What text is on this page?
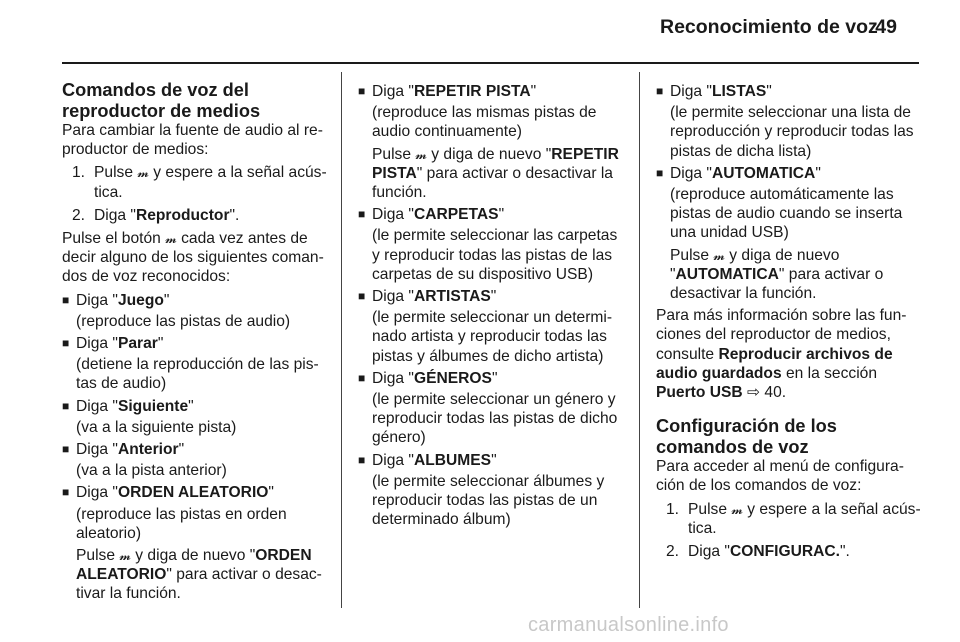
Reconocimiento de voz
49
Comandos de voz del
reproductor de medios

Para cambiar la fuente de audio al re-productor de medios:

1. Pulse 𝓶 y espere a la señal acús-tica.
2. Diga "Reproductor".

Pulse el botón 𝓶 cada vez antes de decir alguno de los siguientes coman-dos de voz reconocidos:

■ Diga "Juego"

(reproduce las pistas de audio)

■ Diga "Parar"

(detiene la reproducción de las pis-tas de audio)

■ Diga "Siguiente"

(va a la siguiente pista)

■ Diga "Anterior"

(va a la pista anterior)

■ Diga "ORDEN ALEATORIO"

(reproduce las pistas en orden aleatorio)

Pulse 𝓶 y diga de nuevo "ORDEN ALEATORIO" para activar o desac-tivar la función.

■ Diga "REPETIR PISTA"

(reproduce las mismas pistas de audio continuamente)

Pulse 𝓶 y diga de nuevo "REPETIR PISTA" para activar o desactivar la función.

■ Diga "CARPETAS"

(le permite seleccionar las carpetas y reproducir todas las pistas de las carpetas de su dispositivo USB)

■ Diga "ARTISTAS"

(le permite seleccionar un determi-nado artista y reproducir todas las pistas y álbumes de dicho artista)

■ Diga "GÉNEROS"

(le permite seleccionar un género y reproducir todas las pistas de dicho género)

■ Diga "ALBUMES"

(le permite seleccionar álbumes y reproducir todas las pistas de un determinado álbum)

■ Diga "LISTAS"

(le permite seleccionar una lista de reproducción y reproducir todas las pistas de dicha lista)

■ Diga "AUTOMATICA"

(reproduce automáticamente las pistas de audio cuando se inserta una unidad USB)

Pulse 𝓶 y diga de nuevo
"AUTOMATICA" para activar o desactivar la función.

Para más información sobre las fun-ciones del reproductor de medios, consulte Reproducir archivos de audio guardados en la sección Puerto USB ⇨ 40.

Configuración de los comandos de voz

Para acceder al menú de configura-ción de los comandos de voz:

1. Pulse 𝓶 y espere a la señal acús-tica.
2. Diga "CONFIGURAC.".
carmanualsonline.info
